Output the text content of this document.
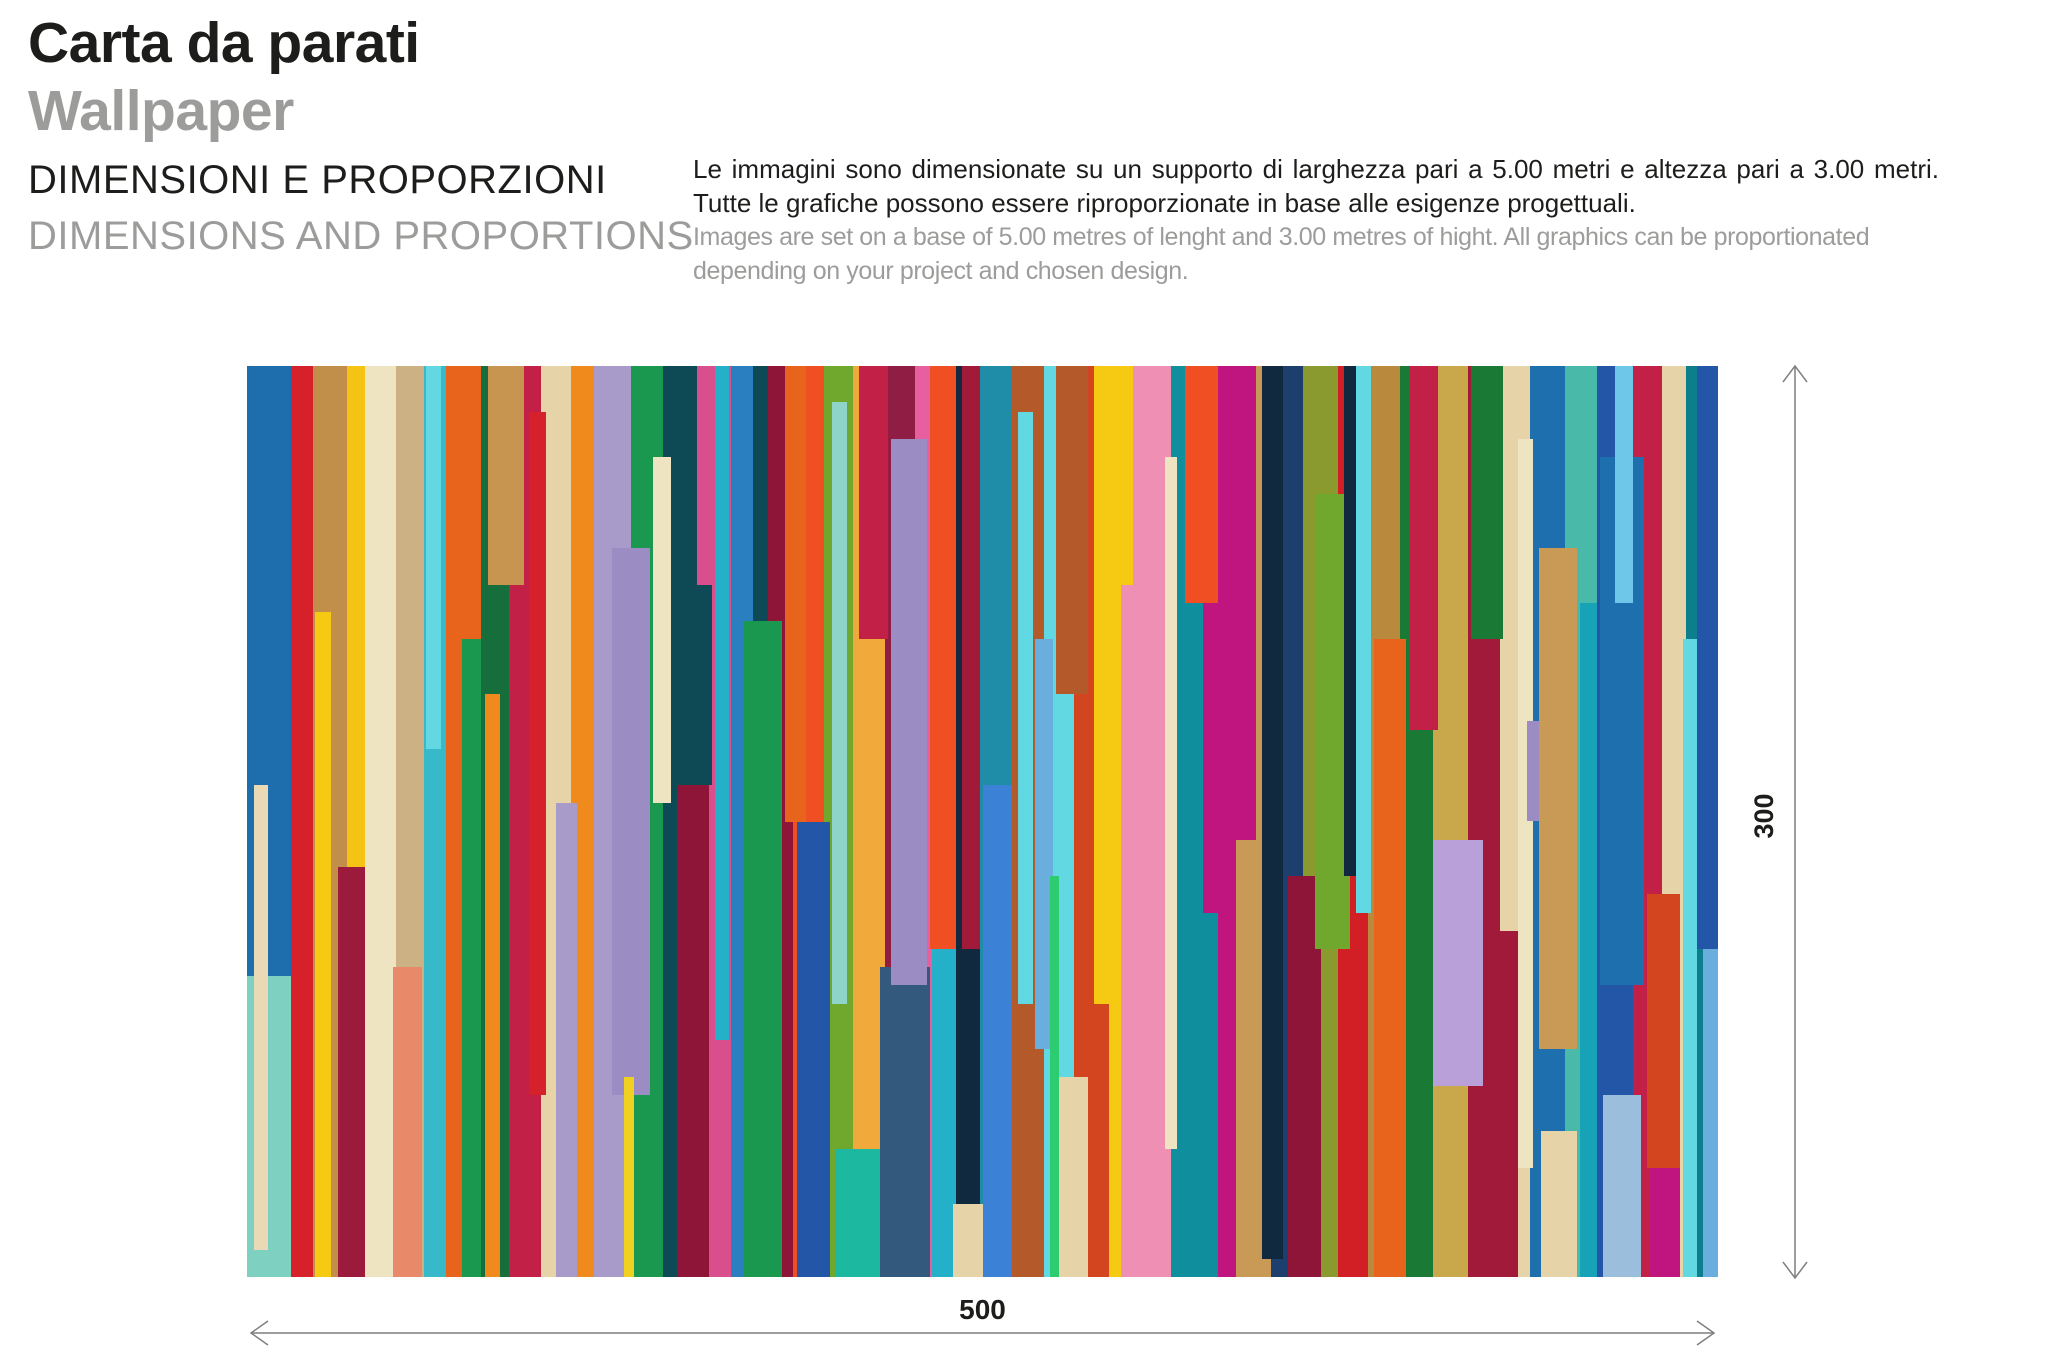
Carta da parati
Wallpaper
DIMENSIONI E PROPORZIONI
DIMENSIONS AND PROPORTIONS
Le immagini sono dimensionate su un supporto di larghezza pari a 5.00 metri e altezza pari a 3.00 metri.
Tutte le grafiche possono essere riproporzionate in base alle esigenze progettuali.
Images are set on a base of 5.00 metres of lenght and 3.00 metres of hight. All graphics can be proportionated
depending on your project and chosen design.
300
500
